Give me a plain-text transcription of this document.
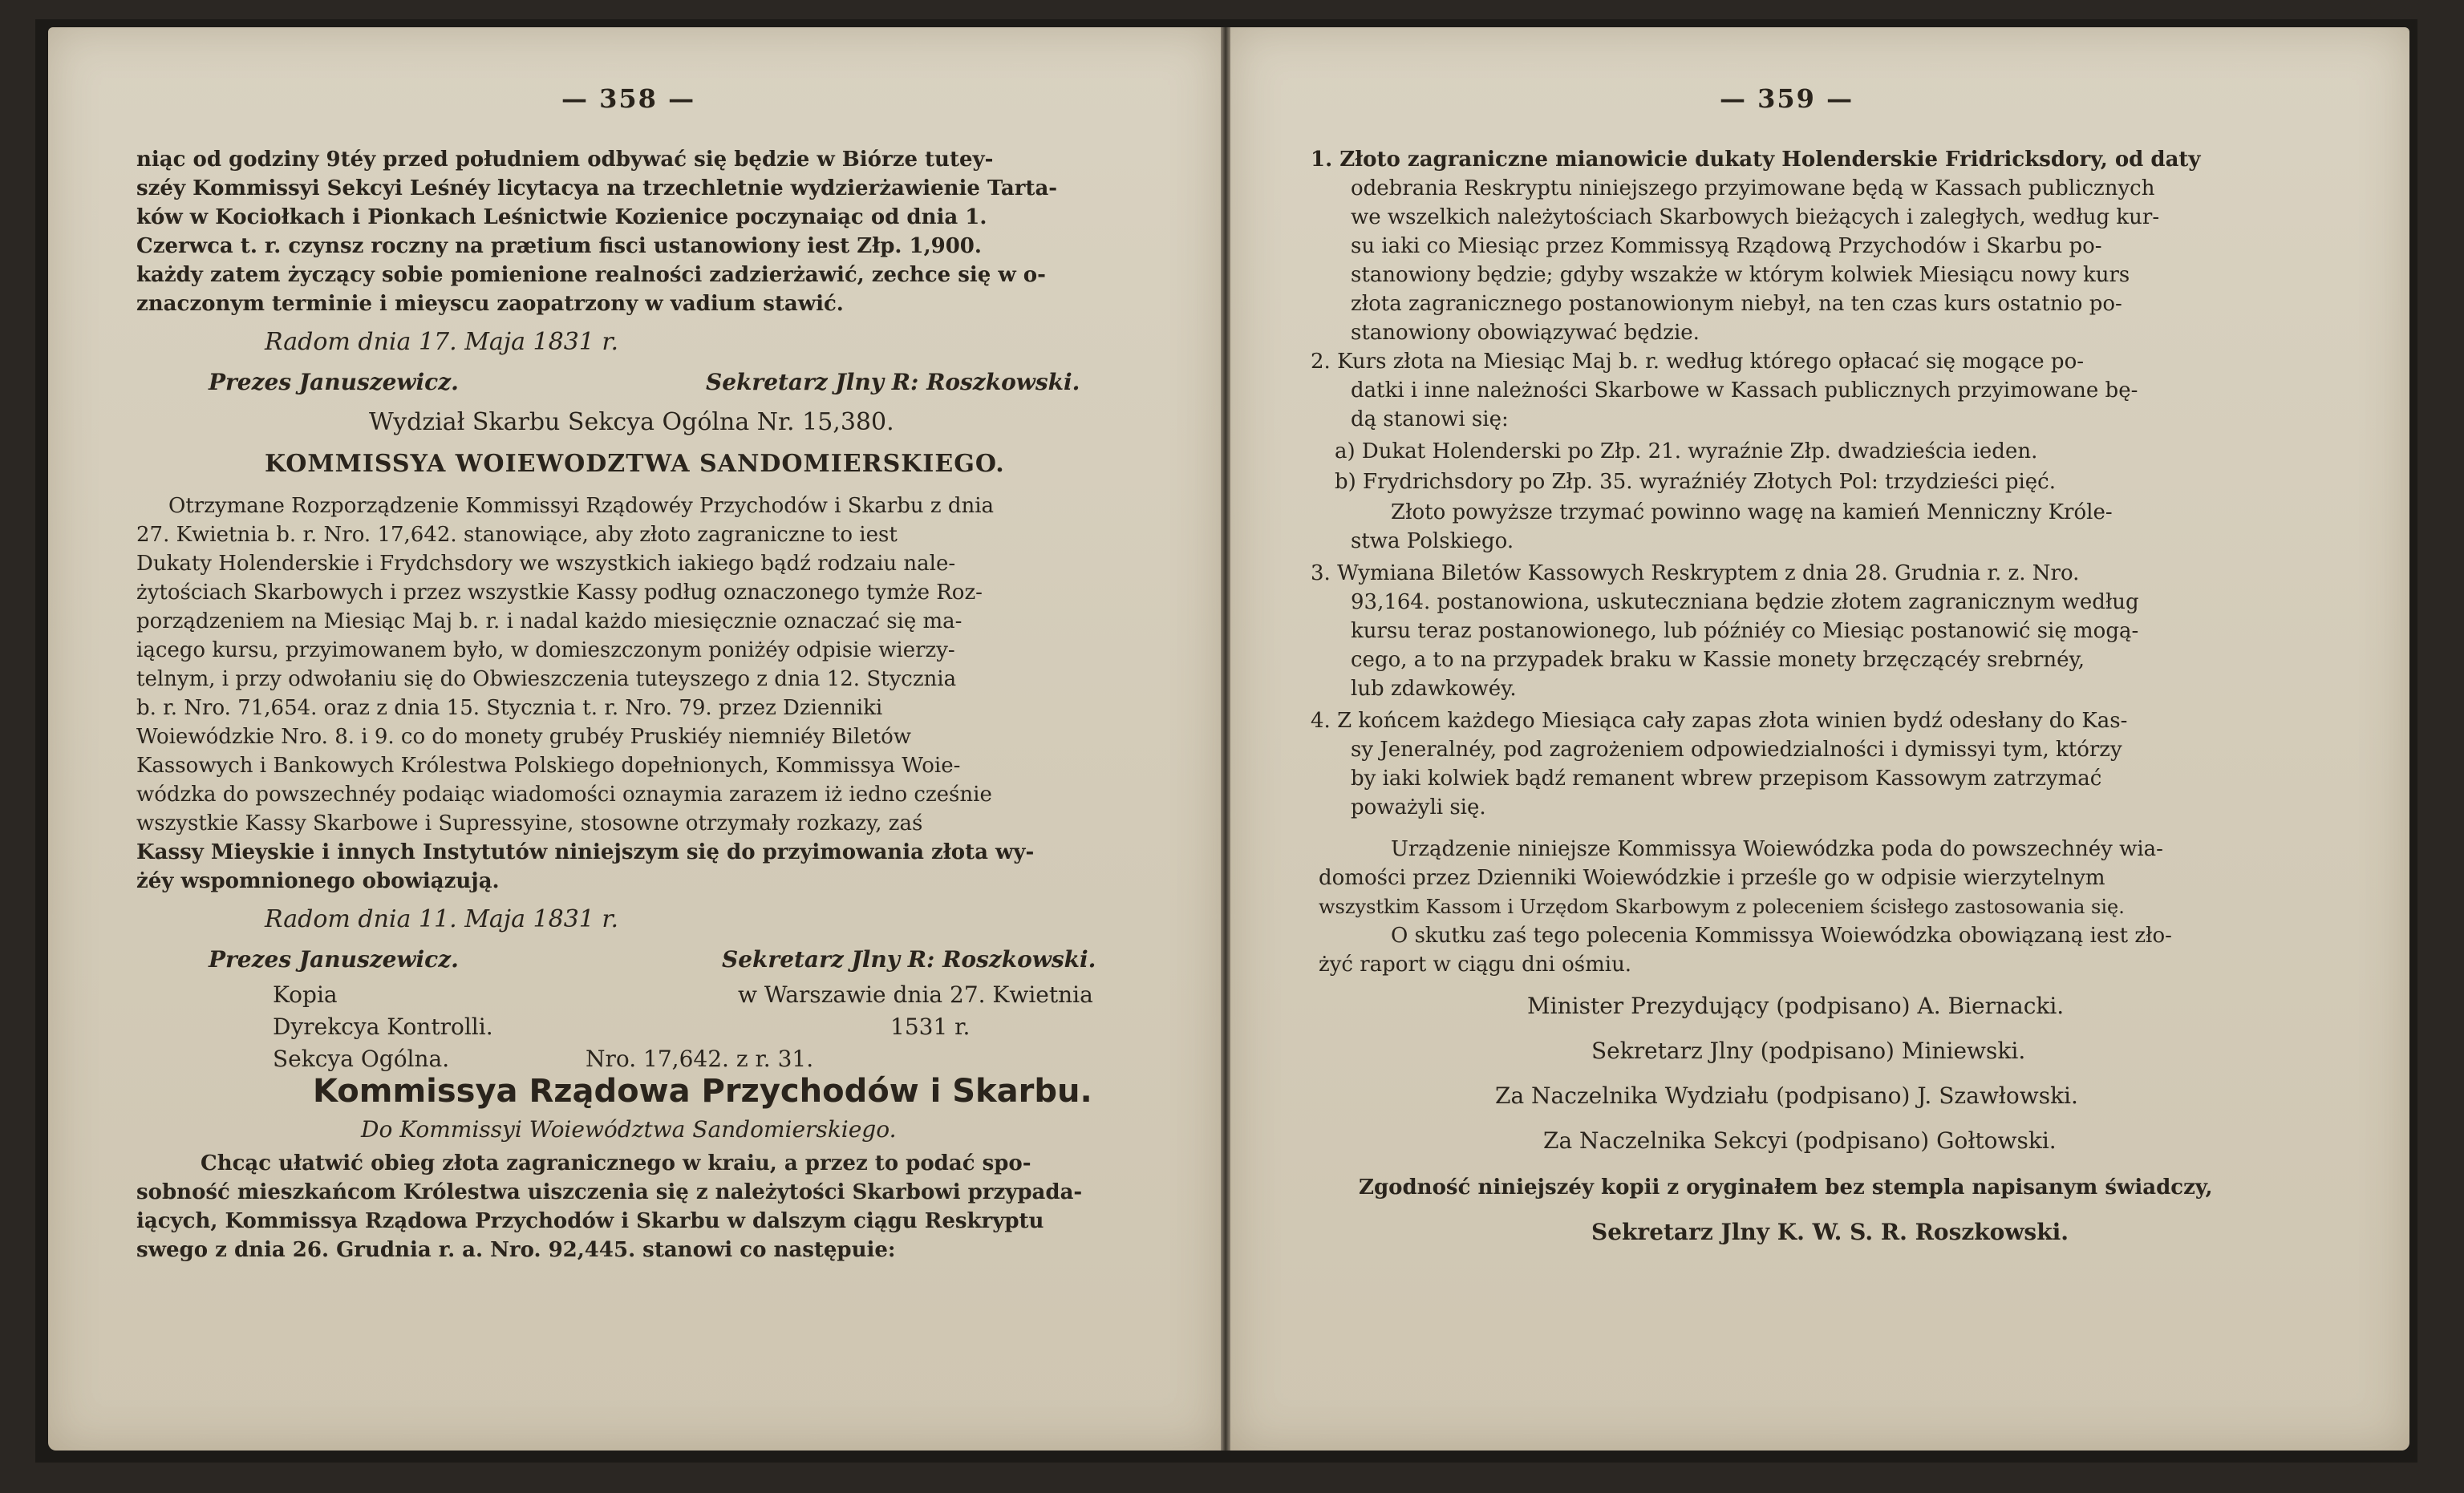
— 358 —
niąc od godziny 9téy przed południem odbywać się będzie w Biórze tutey-
széy Kommissyi Sekcyi Leśnéy licytacya na trzechletnie wydzierżawienie Tarta-
ków w Kociołkach i Pionkach Leśnictwie Kozienice poczynaiąc od dnia 1.
Czerwca t. r. czynsz roczny na prætium fisci ustanowiony iest Złp. 1,900.
każdy zatem życzący sobie pomienione realności zadzierżawić, zechce się w o-
znaczonym terminie i mieyscu zaopatrzony w vadium stawić.
Radom dnia 17. Maja 1831 r.
Prezes Januszewicz.	Sekretarz Jlny R: Roszkowski.
Wydział Skarbu Sekcya Ogólna Nr. 15,380.
KOMMISSYA WOIEWODZTWA SANDOMIERSKIEGO.
Otrzymane Rozporządzenie Kommissyi Rządowéy Przychodów i Skarbu z dnia
27. Kwietnia b. r. Nro. 17,642. stanowiące, aby złoto zagraniczne to iest
Dukaty Holenderskie i Frydchsdory we wszystkich iakiego bądź rodzaiu nale-
żytościach Skarbowych i przez wszystkie Kassy podług oznaczonego tymże Roz-
porządzeniem na Miesiąc Maj b. r. i nadal każdo miesięcznie oznaczać się ma-
iącego kursu, przyimowanem było, w domieszczonym poniżéy odpisie wierzy-
telnym, i przy odwołaniu się do Obwieszczenia tuteyszego z dnia 12. Stycznia
b. r. Nro. 71,654. oraz z dnia 15. Stycznia t. r. Nro. 79. przez Dzienniki
Woiewódzkie Nro. 8. i 9. co do monety grubéy Pruskiéy niemniéy Biletów
Kassowych i Bankowych Królestwa Polskiego dopełnionych, Kommissya Woie-
wódzka do powszechnéy podaiąc wiadomości oznaymia zarazem iż iedno cześnie
wszystkie Kassy Skarbowe i Supressyine, stosowne otrzymały rozkazy, zaś
Kassy Mieyskie i innych Instytutów niniejszym się do przyimowania złota wy-
żéy wspomnionego obowiązują.
Radom dnia 11. Maja 1831 r.
Prezes Januszewicz.	Sekretarz Jlny R: Roszkowski.
Kopia	w Warszawie dnia 27. Kwietnia
Dyrekcya Kontrolli.	1531 r.
Sekcya Ogólna.	Nro. 17,642. z r. 31.
Kommissya Rządowa Przychodów i Skarbu.
Do Kommissyi Woiewództwa Sandomierskiego.
Chcąc ułatwić obieg złota zagranicznego w kraiu, a przez to podać spo-
sobność mieszkańcom Królestwa uiszczenia się z należytości Skarbowi przypada-
iących, Kommissya Rządowa Przychodów i Skarbu w dalszym ciągu Reskryptu
swego z dnia 26. Grudnia r. a. Nro. 92,445. stanowi co następuie:
— 359 —
1. Złoto zagraniczne mianowicie dukaty Holenderskie Fridricksdory, od daty
odebrania Reskryptu niniejszego przyimowane będą w Kassach publicznych
we wszelkich należytościach Skarbowych bieżących i zaległych, według kur-
su iaki co Miesiąc przez Kommissyą Rządową Przychodów i Skarbu po-
stanowiony będzie; gdyby wszakże w którym kolwiek Miesiącu nowy kurs
złota zagranicznego postanowionym niebył, na ten czas kurs ostatnio po-
stanowiony obowiązywać będzie.
2. Kurs złota na Miesiąc Maj b. r. według którego opłacać się mogące po-
datki i inne należności Skarbowe w Kassach publicznych przyimowane bę-
dą stanowi się:
a) Dukat Holenderski po Złp. 21. wyraźnie Złp. dwadzieścia ieden.
b) Frydrichsdory po Złp. 35. wyraźniéy Złotych Pol: trzydzieści pięć.
Złoto powyższe trzymać powinno wagę na kamień Menniczny Króle-
stwa Polskiego.
3. Wymiana Biletów Kassowych Reskryptem z dnia 28. Grudnia r. z. Nro.
93,164. postanowiona, uskuteczniana będzie złotem zagranicznym według
kursu teraz postanowionego, lub późniéy co Miesiąc postanowić się mogą-
cego, a to na przypadek braku w Kassie monety brzęczącéy srebrnéy,
lub zdawkowéy.
4. Z końcem każdego Miesiąca cały zapas złota winien bydź odesłany do Kas-
sy Jeneralnéy, pod zagrożeniem odpowiedzialności i dymissyi tym, którzy
by iaki kolwiek bądź remanent wbrew przepisom Kassowym zatrzymać
poważyli się.
Urządzenie niniejsze Kommissya Woiewódzka poda do powszechnéy wia-
domości przez Dzienniki Woiewódzkie i prześle go w odpisie wierzytelnym
wszystkim Kassom i Urzędom Skarbowym z poleceniem ścisłego zastosowania się.
O skutku zaś tego polecenia Kommissya Woiewódzka obowiązaną iest zło-
żyć raport w ciągu dni ośmiu.
Minister Prezydujący (podpisano) A. Biernacki.
Sekretarz Jlny (podpisano) Miniewski.
Za Naczelnika Wydziału (podpisano) J. Szawłowski.
Za Naczelnika Sekcyi (podpisano) Gołtowski.
Zgodność niniejszéy kopii z oryginałem bez stempla napisanym świadczy,
Sekretarz Jlny K. W. S. R. Roszkowski.
